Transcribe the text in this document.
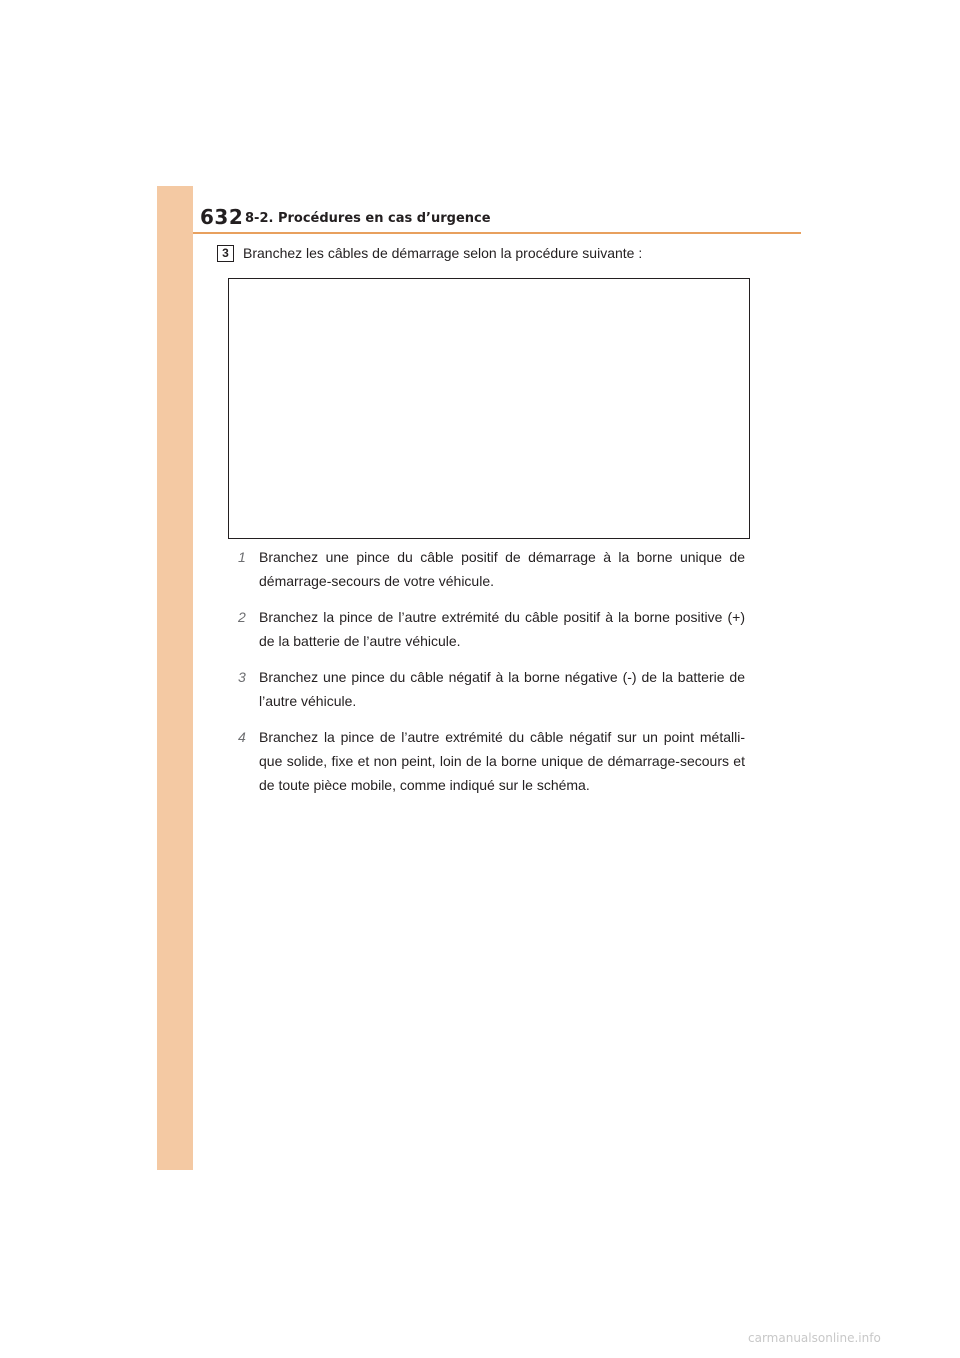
632 8-2. Procédures en cas d’urgence
3	Branchez les câbles de démarrage selon la procédure suivante :
1 Branchez une pince du câble positif de démarrage à la borne unique de démarrage-secours de votre véhicule.
2 Branchez la pince de l’autre extrémité du câble positif à la borne positive (+) de la batterie de l’autre véhicule.
3 Branchez une pince du câble négatif à la borne négative (-) de la batterie de l’autre véhicule.
4 Branchez la pince de l’autre extrémité du câble négatif sur un point métalli-que solide, fixe et non peint, loin de la borne unique de démarrage-secours et de toute pièce mobile, comme indiqué sur le schéma.
carmanualsonline.info
